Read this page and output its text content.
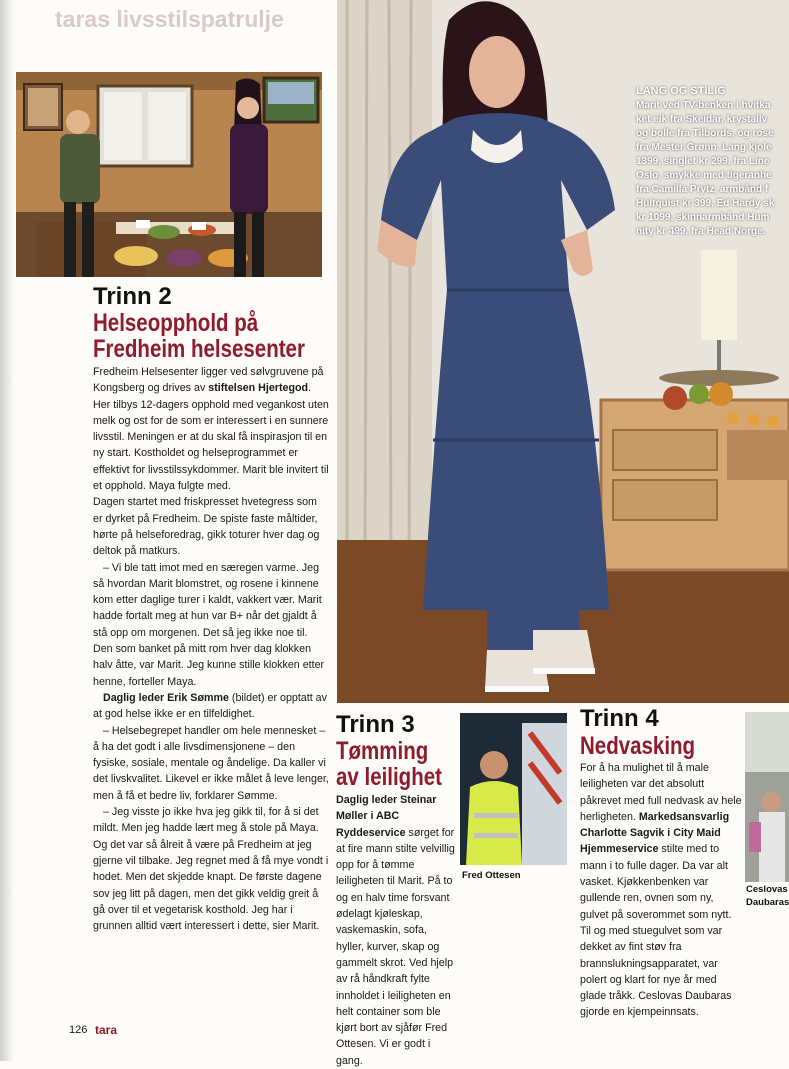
taras livsstilspatrulje
LANG OG STILIG
Marit ved TV-benken i hvitka
ket eik fra Skeidar, krystallv
og bolle fra Tilbords, og rose
fra Mester Grønn. Lang kjole
1399, singlet kr 299, fra Line
Oslo, smykke med tigeranhe
fra Camilla Prytz, armbånd f
Hultquist kr 399, Ed Hardy sk
kr 1099, skinnarmbånd Hum
nity kr 499, fra Head Norge.
Trinn 2
Helseopphold på
Fredheim helsesenter

Fredheim Helsesenter ligger ved sølvgruvene på Kongsberg og drives av stiftelsen Hjertegod. Her tilbys 12-dagers opphold med vegankost uten melk og ost for de som er interessert i en sunnere livsstil. Meningen er at du skal få inspirasjon til en ny start. Kostholdet og helseprogrammet er effektivt for livsstilssykdommer. Marit ble invitert til et opphold. Maya fulgte med.

Dagen startet med friskpresset hvetegress som er dyrket på Fredheim. De spiste faste måltider, hørte på helseforedrag, gikk toturer hver dag og deltok på matkurs.

– Vi ble tatt imot med en særegen varme. Jeg så hvordan Marit blomstret, og rosene i kinnene kom etter daglige turer i kaldt, vakkert vær. Marit hadde fortalt meg at hun var B+ når det gjaldt å stå opp om morgenen. Det så jeg ikke noe til. Den som banket på mitt rom hver dag klokken halv åtte, var Marit. Jeg kunne stille klokken etter henne, forteller Maya.

Daglig leder Erik Sømme (bildet) er opptatt av at god helse ikke er en tilfeldighet.

– Helsebegrepet handler om hele mennesket – å ha det godt i alle livsdimensjonene – den fysiske, sosiale, mentale og åndelige. Da kaller vi det livskvalitet. Likevel er ikke målet å leve lenger, men å få et bedre liv, forklarer Sømme.

– Jeg visste jo ikke hva jeg gikk til, for å si det mildt. Men jeg hadde lært meg å stole på Maya. Og det var så ålreit å være på Fredheim at jeg gjerne vil tilbake. Jeg regnet med å få mye vondt i hodet. Men det skjedde knapt. De første dagene sov jeg litt på dagen, men det gikk veldig greit å gå over til et vegetarisk kosthold. Jeg har i grunnen alltid vært interessert i dette, sier Marit.

Trinn 3
Tømming
av leilighet
Fred Ottesen
Daglig leder Steinar Møller i ABC Ryddeservice sørget for at fire mann stilte velvillig opp for å tømme leiligheten til Marit. På to og en halv time forsvant ødelagt kjøleskap, vaskemaskin, sofa, hyller, kurver, skap og gammelt skrot. Ved hjelp av rå håndkraft fylte innholdet i leiligheten en helt container som ble kjørt bort av sjåfør Fred Ottesen. Vi er godt i gang.
Trinn 4
Nedvasking
Ceslovas
Daubaras
For å ha mulighet til å male leiligheten var det absolutt påkrevet med full nedvask av hele herligheten. Markedsansvarlig Charlotte Sagvik i City Maid Hjemmeservice stilte med to mann i to fulle dager. Da var alt vasket. Kjøkkenbenken var gullende ren, ovnen som ny, gulvet på soverommet som nytt. Til og med stuegulvet som var dekket av fint støv fra brannslukningsapparatet, var polert og klart for nye år med glade tråkk. Ceslovas Daubaras gjorde en kjempeinnsats.
126 tara
